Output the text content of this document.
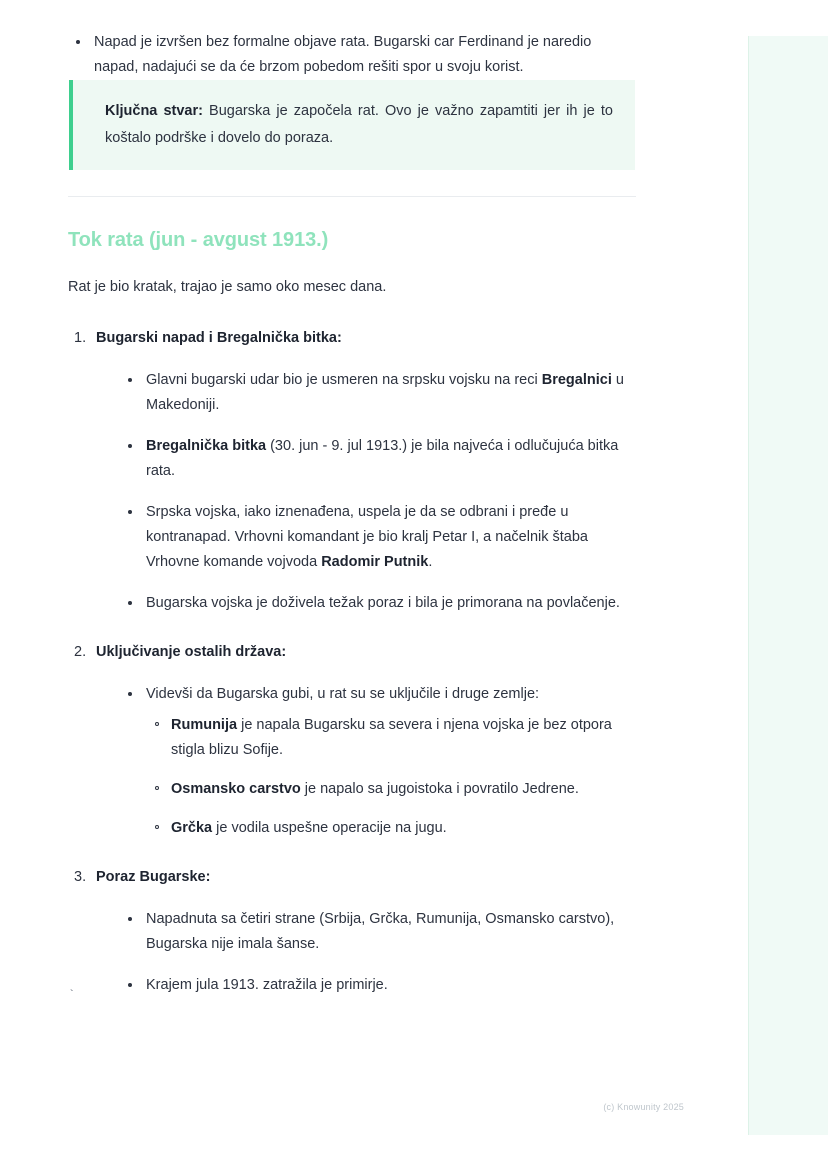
Napad je izvršen bez formalne objave rata. Bugarski car Ferdinand je naredio napad, nadajući se da će brzom pobedom rešiti spor u svoju korist.

Ključna stvar: Bugarska je započela rat. Ovo je važno zapamtiti jer ih je to koštalo podrške i dovelo do poraza.

Tok rata (jun - avgust 1913.)

Rat je bio kratak, trajao je samo oko mesec dana.

Bugarski napad i Bregalnička bitka:
Glavni bugarski udar bio je usmeren na srpsku vojsku na reci Bregalnici u Makedoniji.
Bregalnička bitka (30. jun - 9. jul 1913.) je bila najveća i odlučujuća bitka rata.
Srpska vojska, iako iznenađena, uspela je da se odbrani i pređe u kontranapad. Vrhovni komandant je bio kralj Petar I, a načelnik štaba Vrhovne komande vojvoda Radomir Putnik.
Bugarska vojska je doživela težak poraz i bila je primorana na povlačenje.
Uključivanje ostalih država:
Videvši da Bugarska gubi, u rat su se uključile i druge zemlje:
Rumunija je napala Bugarsku sa severa i njena vojska je bez otpora stigla blizu Sofije.
Osmansko carstvo je napalo sa jugoistoka i povratilo Jedrene.
Grčka je vodila uspešne operacije na jugu.
Poraz Bugarske:
Napadnuta sa četiri strane (Srbija, Grčka, Rumunija, Osmansko carstvo), Bugarska nije imala šanse.
Krajem jula 1913. zatražila je primirje.
`
(c) Knowunity 2025
